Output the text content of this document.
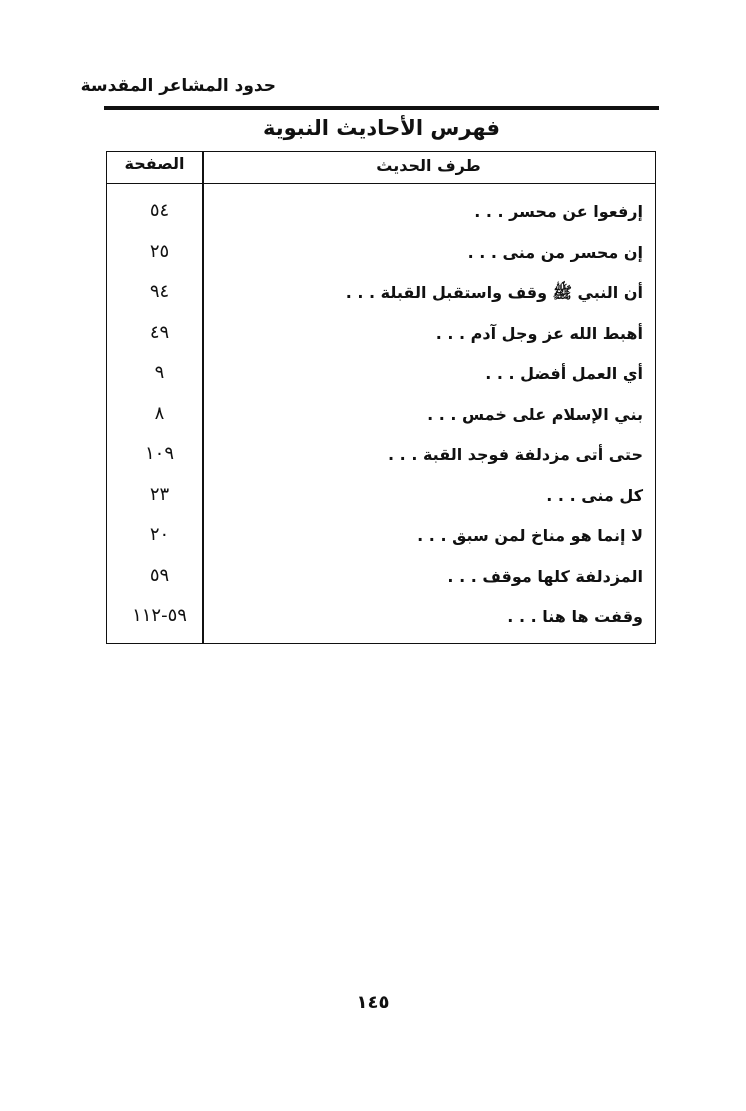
حدود المشاعر المقدسة
فهرس الأحاديث النبوية
طرف الحديث
الصفحة
إرفعوا عن محسر . . .
٥٤
إن محسر من منى . . .
٢٥
أن النبي ﷺ وقف واستقبل القبلة . . .
٩٤
أهبط الله عز وجل آدم . . .
٤٩
أي العمل أفضل . . .
٩
بني الإسلام على خمس . . .
٨
حتى أتى مزدلفة فوجد القبة . . .
١٠٩
كل منى . . .
٢٣
لا إنما هو مناخ لمن سبق . . .
٢٠
المزدلفة كلها موقف . . .
٥٩
وقفت ها هنا . . .
٥٩-١١٢
١٤٥
